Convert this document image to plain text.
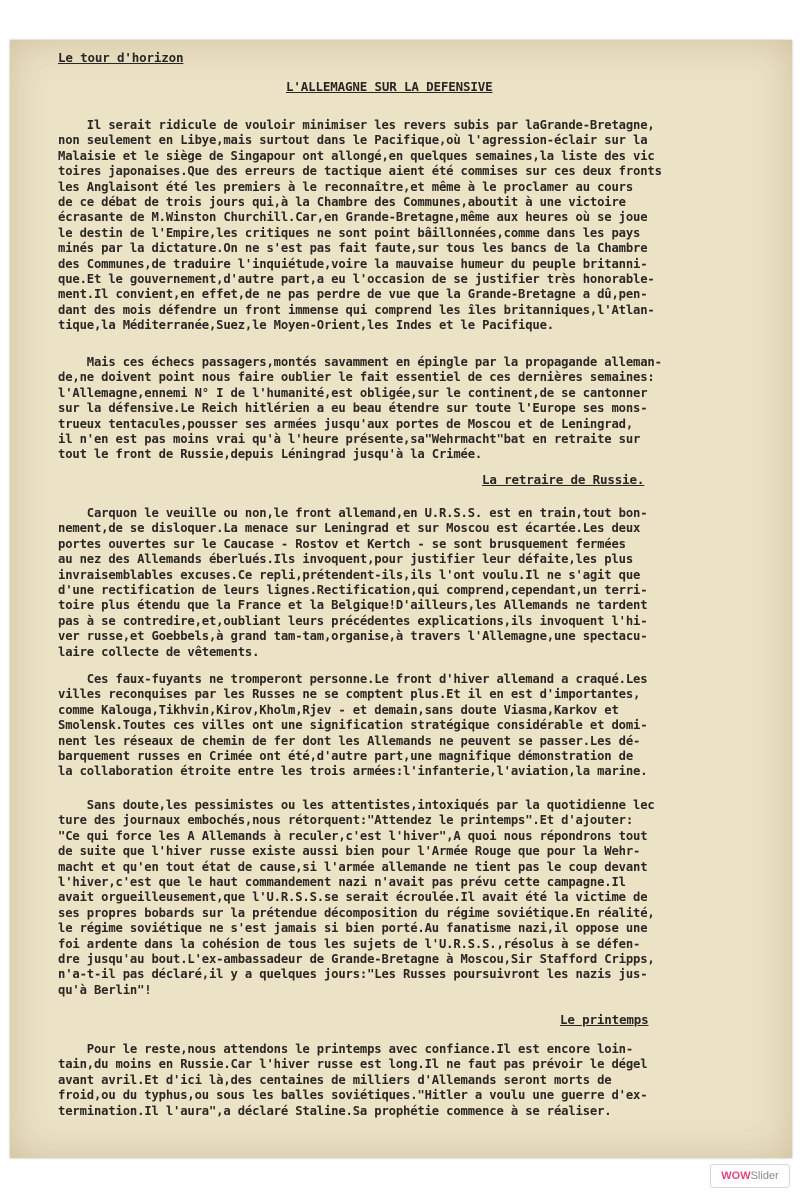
Le tour d'horizon

L'ALLEMAGNE SUR LA DEFENSIVE

Il serait ridicule de vouloir minimiser les revers subis par laGrande-Bretagne,
non seulement en Libye,mais surtout dans le Pacifique,où l'agression-éclair sur la
Malaisie et le siège de Singapour ont allongé,en quelques semaines,la liste des vic
toires japonaises.Que des erreurs de tactique aient été commises sur ces deux fronts
les Anglaisont été les premiers à le reconnaître,et même à le proclamer au cours
de ce débat de trois jours qui,à la Chambre des Communes,aboutit à une victoire
écrasante de M.Winston Churchill.Car,en Grande-Bretagne,même aux heures où se joue
le destin de l'Empire,les critiques ne sont point bâillonnées,comme dans les pays
minés par la dictature.On ne s'est pas fait faute,sur tous les bancs de la Chambre
des Communes,de traduire l'inquiétude,voire la mauvaise humeur du peuple britanni-
que.Et le gouvernement,d'autre part,a eu l'occasion de se justifier très honorable-
ment.Il convient,en effet,de ne pas perdre de vue que la Grande-Bretagne a dû,pen-
dant des mois défendre un front immense qui comprend les îles britanniques,l'Atlan-
tique,la Méditerranée,Suez,le Moyen-Orient,les Indes et le Pacifique.

Mais ces échecs passagers,montés savamment en épingle par la propagande alleman-
de,ne doivent point nous faire oublier le fait essentiel de ces dernières semaines:
l'Allemagne,ennemi N° I de l'humanité,est obligée,sur le continent,de se cantonner
sur la défensive.Le Reich hitlérien a eu beau étendre sur toute l'Europe ses mons-
trueux tentacules,pousser ses armées jusqu'aux portes de Moscou et de Leningrad,
il n'en est pas moins vrai qu'à l'heure présente,sa"Wehrmacht"bat en retraite sur
tout le front de Russie,depuis Léningrad jusqu'à la Crimée.

La retraire de Russie.

Carquon le veuille ou non,le front allemand,en U.R.S.S. est en train,tout bon-
nement,de se disloquer.La menace sur Leningrad et sur Moscou est écartée.Les deux
portes ouvertes sur le Caucase - Rostov et Kertch - se sont brusquement fermées
au nez des Allemands éberlués.Ils invoquent,pour justifier leur défaite,les plus
invraisemblables excuses.Ce repli,prétendent-ils,ils l'ont voulu.Il ne s'agit que
d'une rectification de leurs lignes.Rectification,qui comprend,cependant,un terri-
toire plus étendu que la France et la Belgique!D'ailleurs,les Allemands ne tardent
pas à se contredire,et,oubliant leurs précédentes explications,ils invoquent l'hi-
ver russe,et Goebbels,à grand tam-tam,organise,à travers l'Allemagne,une spectacu-
laire collecte de vêtements.

Ces faux-fuyants ne tromperont personne.Le front d'hiver allemand a craqué.Les
villes reconquises par les Russes ne se comptent plus.Et il en est d'importantes,
comme Kalouga,Tikhvin,Kirov,Kholm,Rjev - et demain,sans doute Viasma,Karkov et
Smolensk.Toutes ces villes ont une signification stratégique considérable et domi-
nent les réseaux de chemin de fer dont les Allemands ne peuvent se passer.Les dé-
barquement russes en Crimée ont été,d'autre part,une magnifique démonstration de
la collaboration étroite entre les trois armées:l'infanterie,l'aviation,la marine.

Sans doute,les pessimistes ou les attentistes,intoxiqués par la quotidienne lec
ture des journaux embochés,nous rétorquent:"Attendez le printemps".Et d'ajouter:
"Ce qui force les A Allemands à reculer,c'est l'hiver",A quoi nous répondrons tout
de suite que l'hiver russe existe aussi bien pour l'Armée Rouge que pour la Wehr-
macht et qu'en tout état de cause,si l'armée allemande ne tient pas le coup devant
l'hiver,c'est que le haut commandement nazi n'avait pas prévu cette campagne.Il
avait orgueilleusement,que l'U.R.S.S.se serait écroulée.Il avait été la victime de
ses propres bobards sur la prétendue décomposition du régime soviétique.En réalité,
le régime soviétique ne s'est jamais si bien porté.Au fanatisme nazi,il oppose une
foi ardente dans la cohésion de tous les sujets de l'U.R.S.S.,résolus à se défen-
dre jusqu'au bout.L'ex-ambassadeur de Grande-Bretagne à Moscou,Sir Stafford Cripps,
n'a-t-il pas déclaré,il y a quelques jours:"Les Russes poursuivront les nazis jus-
qu'à Berlin"!

Le printemps

Pour le reste,nous attendons le printemps avec confiance.Il est encore loin-
tain,du moins en Russie.Car l'hiver russe est long.Il ne faut pas prévoir le dégel
avant avril.Et d'ici là,des centaines de milliers d'Allemands seront morts de
froid,ou du typhus,ou sous les balles soviétiques."Hitler a voulu une guerre d'ex-
termination.Il l'aura",a déclaré Staline.Sa prophétie commence à se réaliser.

WOW Slider
